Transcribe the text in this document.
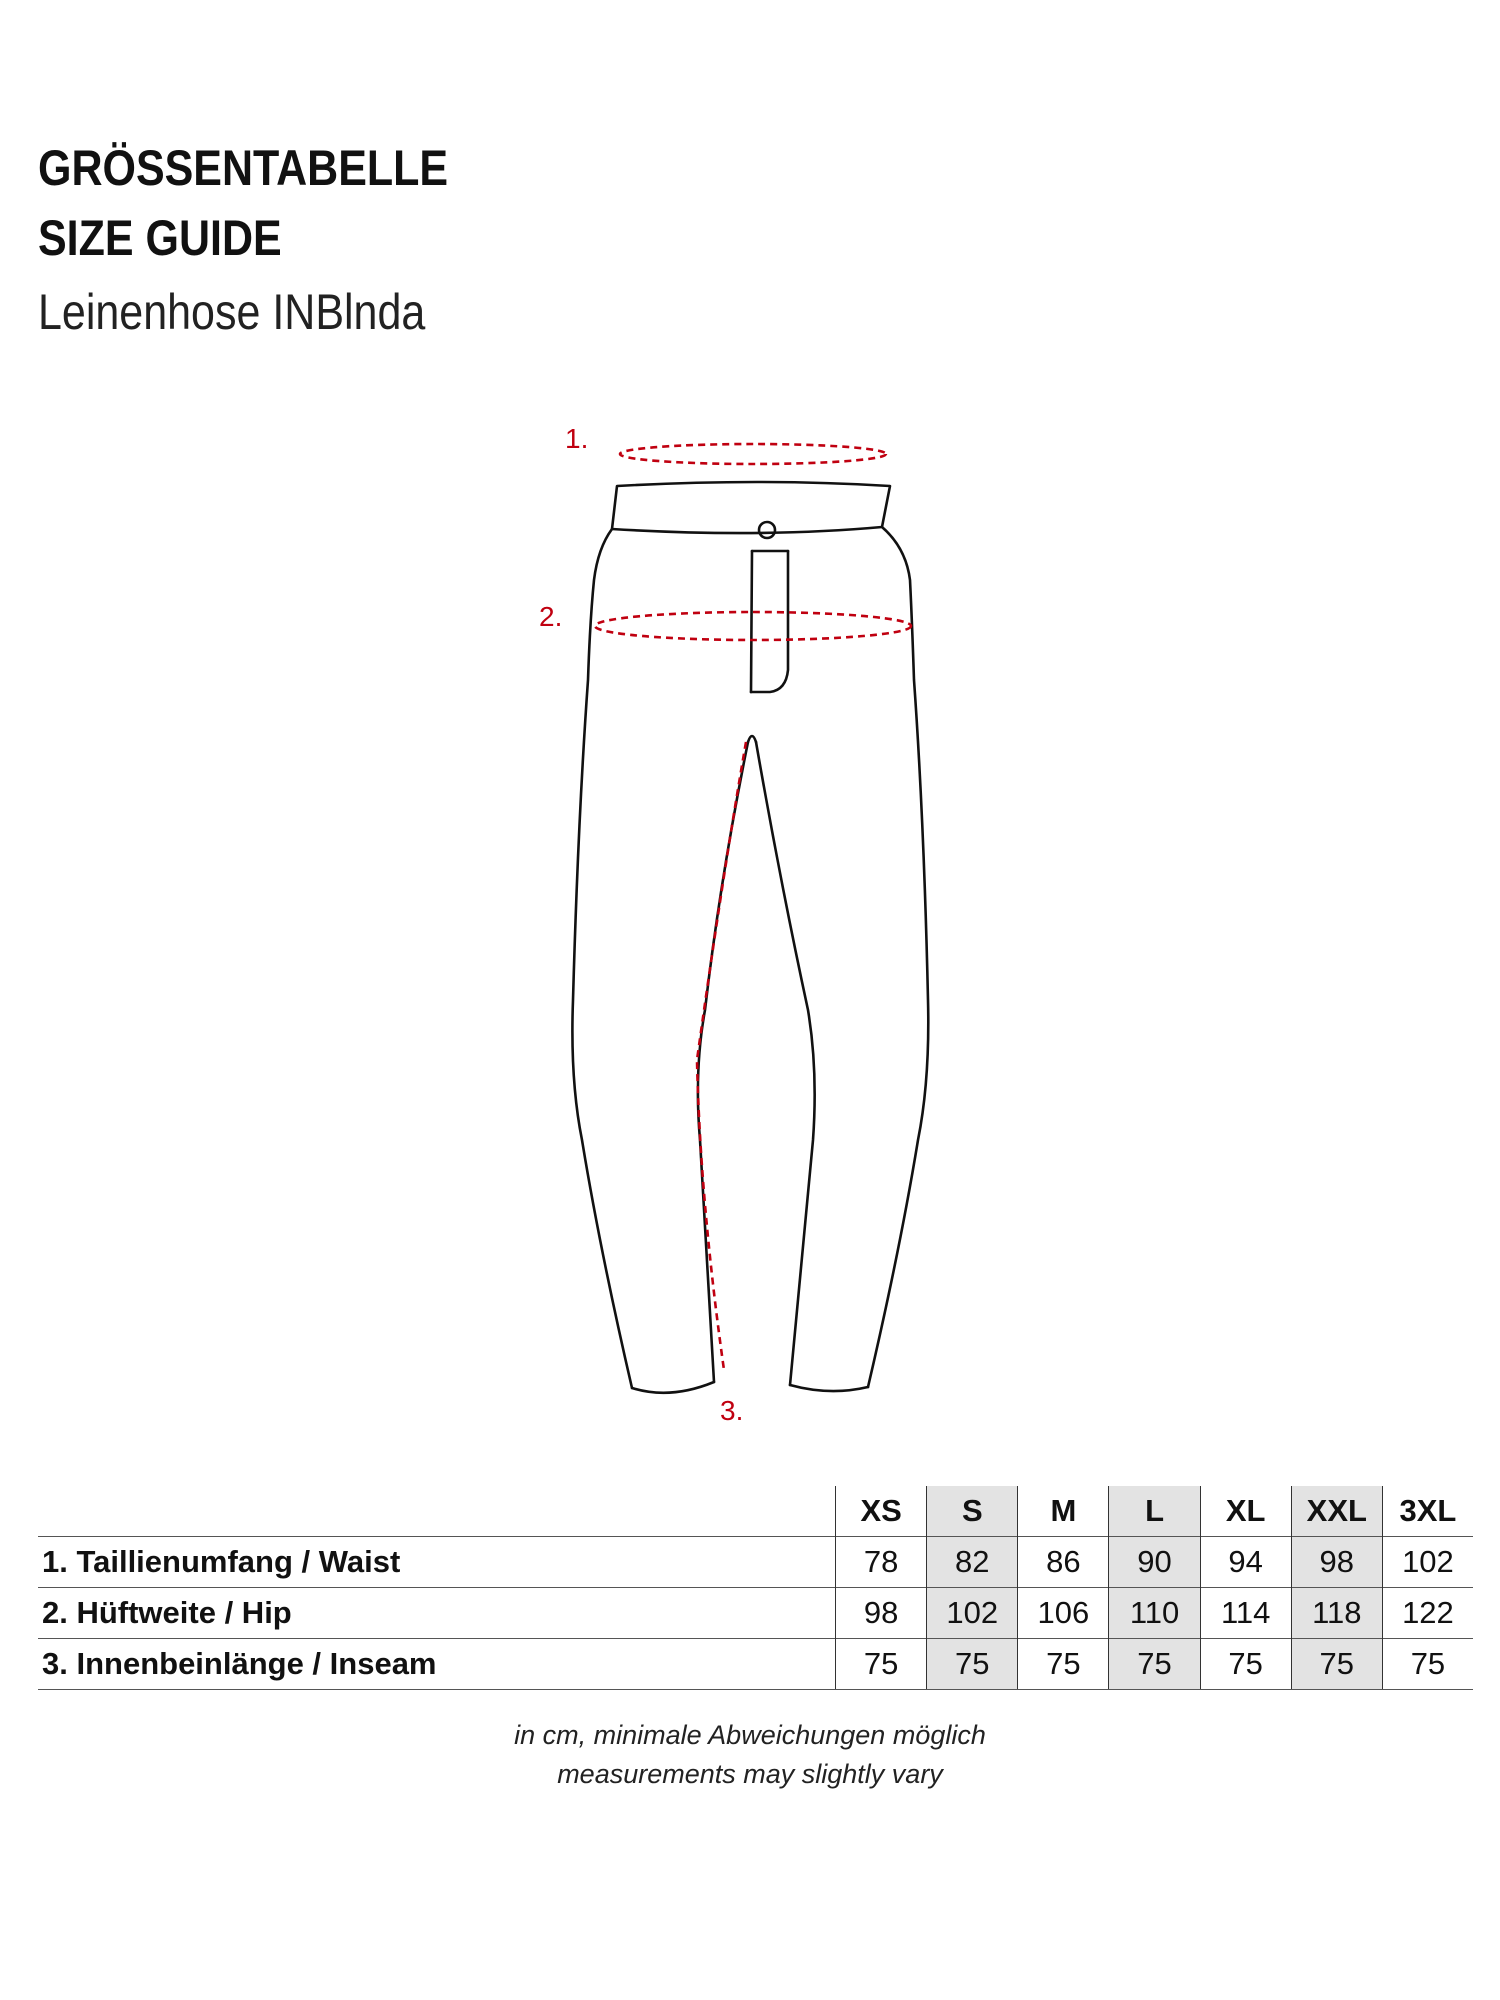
GRÖSSENTABELLE
SIZE GUIDE
Leinenhose INBlnda
1.
2.
3.
	XS	S	M	L	XL	XXL	3XL
1. Taillienumfang / Waist	78	82	86	90	94	98	102
2. Hüftweite / Hip	98	102	106	110	114	118	122
3. Innenbeinlänge / Inseam	75	75	75	75	75	75	75
in cm, minimale Abweichungen möglich
measurements may slightly vary
